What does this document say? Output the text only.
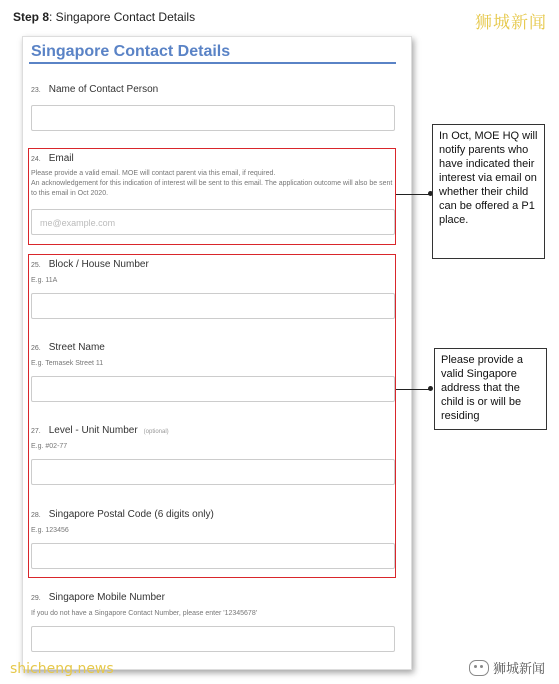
Step 8: Singapore Contact Details	狮城新闻
Singapore Contact Details
23. Name of Contact Person
24. Email
Please provide a valid email. MOE will contact parent via this email, if required.
An acknowledgement for this indication of interest will be sent to this email. The application outcome will also be sent to this email in Oct 2020.
me@example.com
25. Block / House Number
E.g. 11A
26. Street Name
E.g. Temasek Street 11
27. Level - Unit Number (optional)
E.g. #02-77
28. Singapore Postal Code (6 digits only)
E.g. 123456
29. Singapore Mobile Number
If you do not have a Singapore Contact Number, please enter '12345678'
In Oct, MOE HQ will notify parents who have indicated their interest via email on whether their child can be offered a P1 place.
Please provide a valid Singapore address that the child is or will be residing
shicheng.news	狮城新闻
